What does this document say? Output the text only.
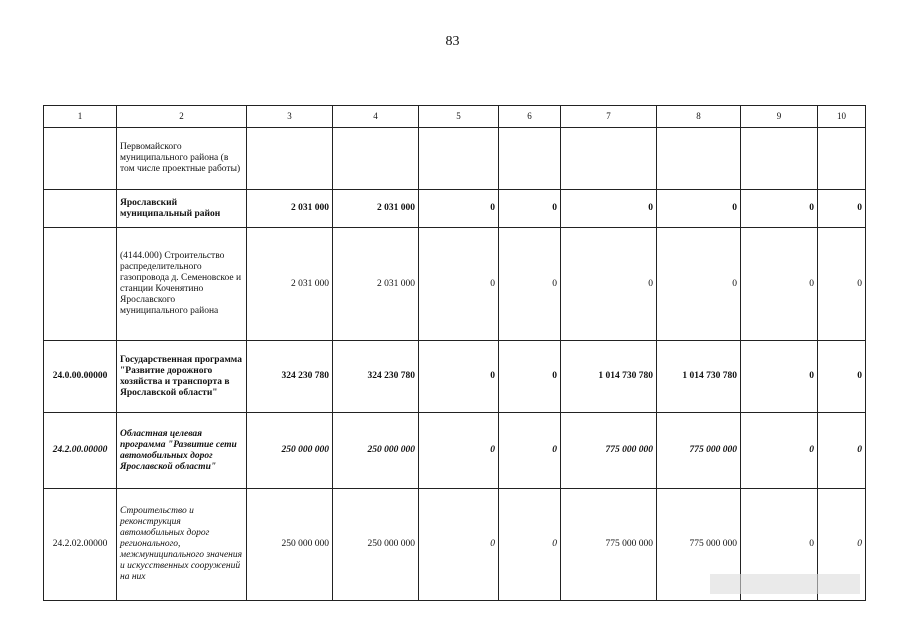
83
1	2	3	4	5	6	7	8	9	10
	Первомайского муниципального района (в том числе проектные работы)								
	Ярославский муниципальный район	2 031 000	2 031 000	0	0	0	0	0	0
	(4144.000) Строительство распределительного газопровода д. Семеновское и станции Коченятино Ярославского муниципального района	2 031 000	2 031 000	0	0	0	0	0	0
24.0.00.00000	Государственная программа "Развитие дорожного хозяйства и транспорта в Ярославской области"	324 230 780	324 230 780	0	0	1 014 730 780	1 014 730 780	0	0
24.2.00.00000	Областная целевая программа "Развитие сети автомобильных дорог Ярославской области"	250 000 000	250 000 000	0	0	775 000 000	775 000 000	0	0
24.2.02.00000	Строительство и реконструкция автомобильных дорог регионального, межмуниципального значения и искусственных сооружений на них	250 000 000	250 000 000	0	0	775 000 000	775 000 000	0	0
